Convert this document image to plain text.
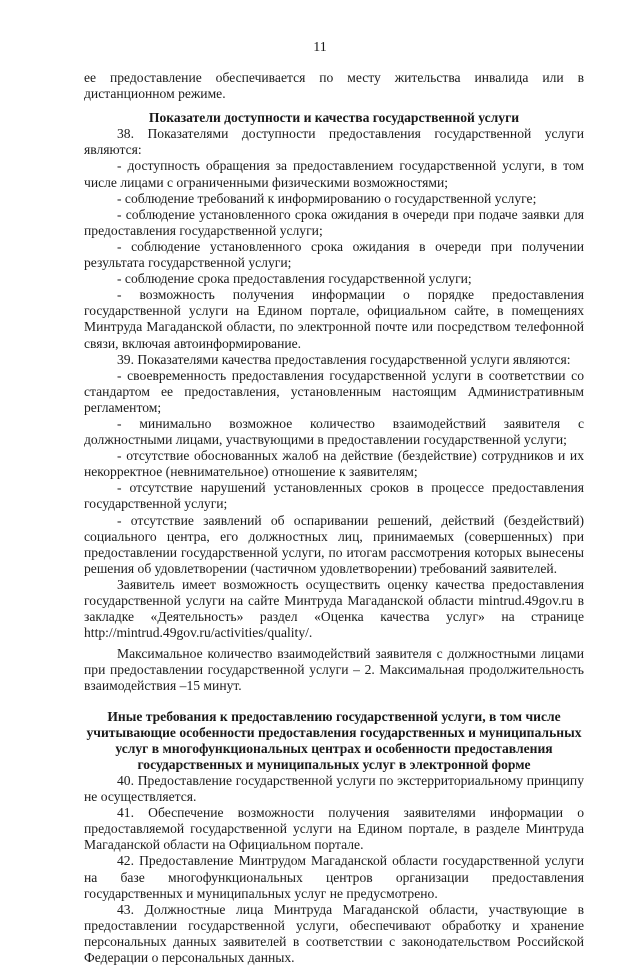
11

ее предоставление обеспечивается по месту жительства инвалида или в дистанционном режиме.

Показатели доступности и качества государственной услуги

38. Показателями доступности предоставления государственной услуги являются:

- доступность обращения за предоставлением государственной услуги, в том числе лицами с ограниченными физическими возможностями;

- соблюдение требований к информированию о государственной услуге;

- соблюдение установленного срока ожидания в очереди при подаче заявки для предоставления государственной услуги;

- соблюдение установленного срока ожидания в очереди при получении результата государственной услуги;

- соблюдение срока предоставления государственной услуги;

- возможность получения информации о порядке предоставления государственной услуги на Едином портале, официальном сайте, в помещениях Минтруда Магаданской области, по электронной почте или посредством телефонной связи, включая автоинформирование.

39. Показателями качества предоставления государственной услуги являются:

- своевременность предоставления государственной услуги в соответствии со стандартом ее предоставления, установленным настоящим Административным регламентом;

- минимально возможное количество взаимодействий заявителя с должностными лицами, участвующими в предоставлении государственной услуги;

- отсутствие обоснованных жалоб на действие (бездействие) сотрудников и их некорректное (невнимательное) отношение к заявителям;

- отсутствие нарушений установленных сроков в процессе предоставления государственной услуги;

- отсутствие заявлений об оспаривании решений, действий (бездействий) социального центра, его должностных лиц, принимаемых (совершенных) при предоставлении государственной услуги, по итогам рассмотрения которых вынесены решения об удовлетворении (частичном удовлетворении) требований заявителей.

Заявитель имеет возможность осуществить оценку качества предоставления государственной услуги на сайте Минтруда Магаданской области mintrud.49gov.ru в закладке «Деятельность» раздел «Оценка качества услуг» на странице http://mintrud.49gov.ru/activities/quality/.

Максимальное количество взаимодействий заявителя с должностными лицами при предоставлении государственной услуги – 2. Максимальная продолжительность взаимодействия –15 минут.

Иные требования к предоставлению государственной услуги, в том числе учитывающие особенности предоставления государственных и муниципальных услуг в многофункциональных центрах и особенности предоставления государственных и муниципальных услуг в электронной форме

40. Предоставление государственной услуги по экстерриториальному принципу не осуществляется.

41. Обеспечение возможности получения заявителями информации о предоставляемой государственной услуги на Едином портале, в разделе Минтруда Магаданской области на Официальном портале.

42. Предоставление Минтрудом Магаданской области государственной услуги на базе многофункциональных центров организации предоставления государственных и муниципальных услуг не предусмотрено.

43. Должностные лица Минтруда Магаданской области, участвующие в предоставлении государственной услуги, обеспечивают обработку и хранение персональных данных заявителей в соответствии с законодательством Российской Федерации о персональных данных.
